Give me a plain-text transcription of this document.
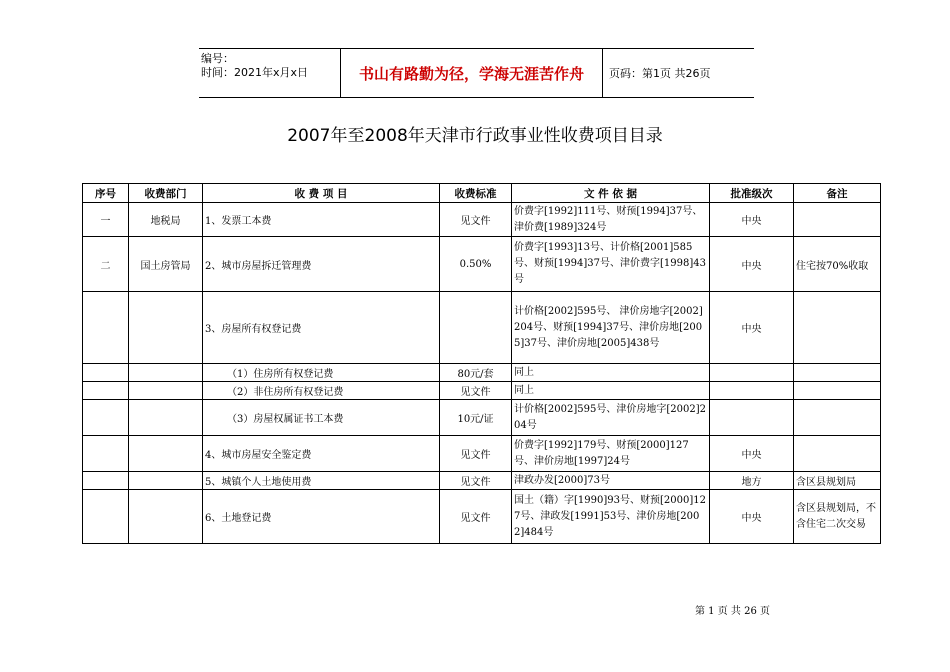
编号：
时间：2021年x月x日	书山有路勤为径，学海无涯苦作舟	页码：第1页 共26页
2007年至2008年天津市行政事业性收费项目目录
序号	收费部门	收 费 项 目	收费标准	文 件 依 据	批准级次	备注
一	地税局	1、发票工本费	见文件	价费字[1992]111号、财预[1994]37号、津价费[1989]324号	中央	
二	国土房管局	2、城市房屋拆迁管理费	0.50%	价费字[1993]13号、计价格[2001]585号、财预[1994]37号、津价费字[1998]43号	中央	住宅按70%收取
		3、房屋所有权登记费		计价格[2002]595号、 津价房地字[2002]204号、财预[1994]37号、津价房地[2005]37号、津价房地[2005]438号	中央	
		（1）住房所有权登记费	80元/套	同上		
		（2）非住房所有权登记费	见文件	同上		
		（3）房屋权属证书工本费	10元/证	计价格[2002]595号、津价房地字[2002]204号		
		4、城市房屋安全鉴定费	见文件	价费字[1992]179号、财预[2000]127号、津价房地[1997]24号	中央	
		5、城镇个人土地使用费	见文件	津政办发[2000]73号	地方	含区县规划局
		6、土地登记费	见文件	国土（籍）字[1990]93号、财预[2000]127号、津政发[1991]53号、津价房地[2002]484号	中央	含区县规划局，不含住宅二次交易
第 1 页 共 26 页
